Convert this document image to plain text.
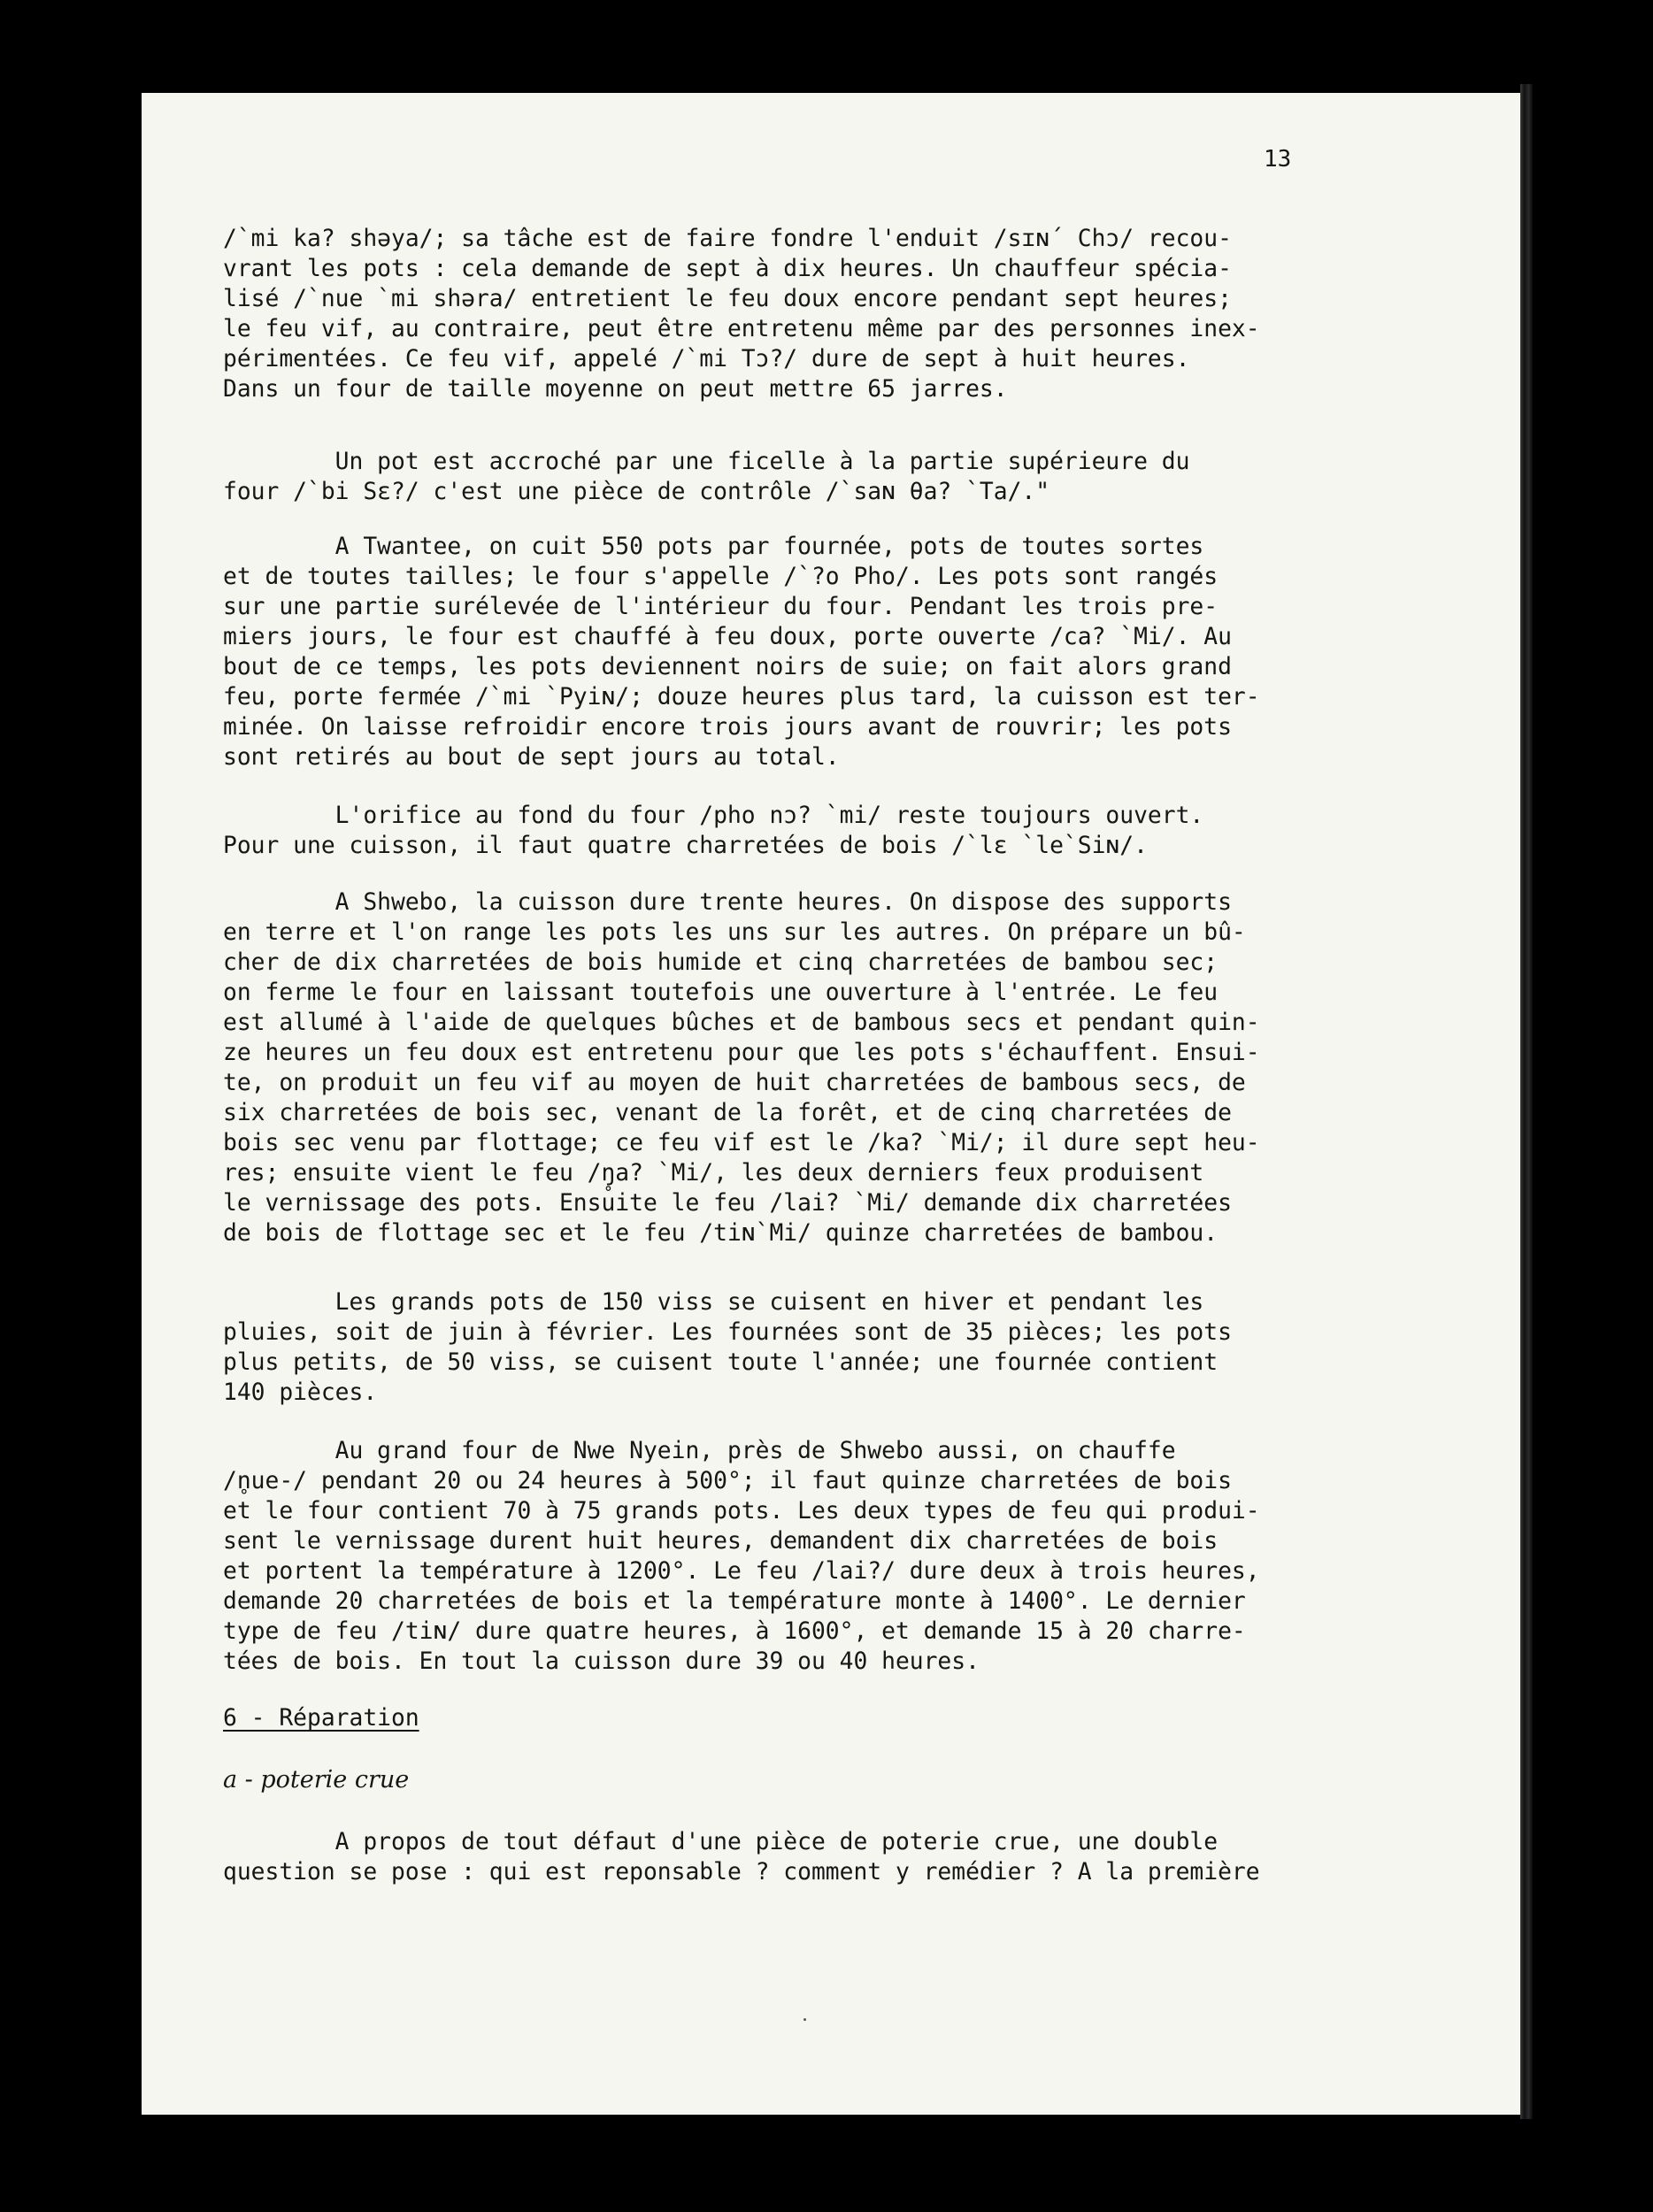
13
/`mi ka? shəya/; sa tâche est de faire fondre l'enduit /sɪɴ´ Chɔ/ recou-
vrant les pots : cela demande de sept à dix heures. Un chauffeur spécia-
lisé /`nue `mi shəra/ entretient le feu doux encore pendant sept heures;
le feu vif, au contraire, peut être entretenu même par des personnes inex-
périmentées. Ce feu vif, appelé /`mi Tɔ?/ dure de sept à huit heures.
Dans un four de taille moyenne on peut mettre 65 jarres.
Un pot est accroché par une ficelle à la partie supérieure du
four /`bi Sɛ?/ c'est une pièce de contrôle /`saɴ θa? `Ta/."
A Twantee, on cuit 550 pots par fournée, pots de toutes sortes
et de toutes tailles; le four s'appelle /`?o Pho/. Les pots sont rangés
sur une partie surélevée de l'intérieur du four. Pendant les trois pre-
miers jours, le four est chauffé à feu doux, porte ouverte /ca? `Mi/. Au
bout de ce temps, les pots deviennent noirs de suie; on fait alors grand
feu, porte fermée /`mi `Pyiɴ/; douze heures plus tard, la cuisson est ter-
minée. On laisse refroidir encore trois jours avant de rouvrir; les pots
sont retirés au bout de sept jours au total.
L'orifice au fond du four /pho nɔ? `mi/ reste toujours ouvert.
Pour une cuisson, il faut quatre charretées de bois /`lɛ `le`Siɴ/.
A Shwebo, la cuisson dure trente heures. On dispose des supports
en terre et l'on range les pots les uns sur les autres. On prépare un bû-
cher de dix charretées de bois humide et cinq charretées de bambou sec;
on ferme le four en laissant toutefois une ouverture à l'entrée. Le feu
est allumé à l'aide de quelques bûches et de bambous secs et pendant quin-
ze heures un feu doux est entretenu pour que les pots s'échauffent. Ensui-
te, on produit un feu vif au moyen de huit charretées de bambous secs, de
six charretées de bois sec, venant de la forêt, et de cinq charretées de
bois sec venu par flottage; ce feu vif est le /ka? `Mi/; il dure sept heu-
res; ensuite vient le feu /ŋ̥a? `Mi/, les deux derniers feux produisent
le vernissage des pots. Ensuite le feu /lai? `Mi/ demande dix charretées
de bois de flottage sec et le feu /tiɴ`Mi/ quinze charretées de bambou.
Les grands pots de 150 viss se cuisent en hiver et pendant les
pluies, soit de juin à février. Les fournées sont de 35 pièces; les pots
plus petits, de 50 viss, se cuisent toute l'année; une fournée contient
140 pièces.
Au grand four de Nwe Nyein, près de Shwebo aussi, on chauffe
/n̥ue-/ pendant 20 ou 24 heures à 500°; il faut quinze charretées de bois
et le four contient 70 à 75 grands pots. Les deux types de feu qui produi-
sent le vernissage durent huit heures, demandent dix charretées de bois
et portent la température à 1200°. Le feu /lai?/ dure deux à trois heures,
demande 20 charretées de bois et la température monte à 1400°. Le dernier
type de feu /tiɴ/ dure quatre heures, à 1600°, et demande 15 à 20 charre-
tées de bois. En tout la cuisson dure 39 ou 40 heures.
6 - Réparation
a - poterie crue
A propos de tout défaut d'une pièce de poterie crue, une double
question se pose : qui est reponsable ? comment y remédier ? A la première
